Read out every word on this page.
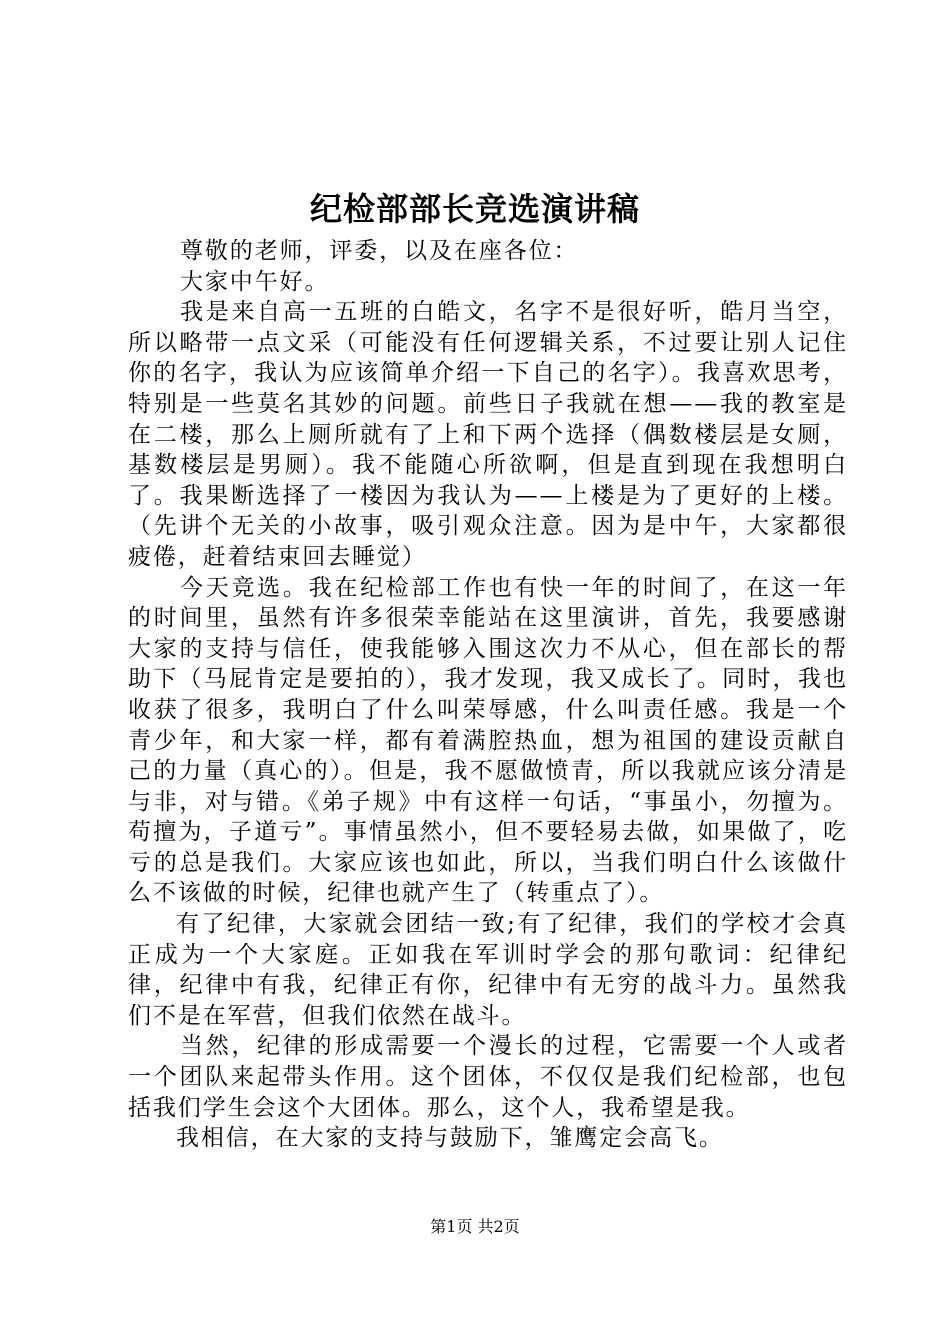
纪检部部长竞选演讲稿

尊敬的老师，评委，以及在座各位：

大家中午好。

我是来自高一五班的白皓文，名字不是很好听，皓月当空，所以略带一点文采（可能没有任何逻辑关系，不过要让别人记住你的名字，我认为应该简单介绍一下自己的名字）。我喜欢思考，特别是一些莫名其妙的问题。前些日子我就在想——我的教室是在二楼，那么上厕所就有了上和下两个选择（偶数楼层是女厕，基数楼层是男厕）。我不能随心所欲啊，但是直到现在我想明白了。我果断选择了一楼因为我认为——上楼是为了更好的上楼。（先讲个无关的小故事，吸引观众注意。因为是中午，大家都很疲倦，赶着结束回去睡觉）

今天竞选。我在纪检部工作也有快一年的时间了，在这一年的时间里，虽然有许多很荣幸能站在这里演讲，首先，我要感谢大家的支持与信任，使我能够入围这次力不从心，但在部长的帮助下（马屁肯定是要拍的），我才发现，我又成长了。同时，我也收获了很多，我明白了什么叫荣辱感，什么叫责任感。我是一个青少年，和大家一样，都有着满腔热血，想为祖国的建设贡献自己的力量（真心的）。但是，我不愿做愤青，所以我就应该分清是与非，对与错。《弟子规》中有这样一句话，“事虽小，勿擅为。苟擅为，子道亏”。事情虽然小，但不要轻易去做，如果做了，吃亏的总是我们。大家应该也如此，所以，当我们明白什么该做什么不该做的时候，纪律也就产生了（转重点了）。

有了纪律，大家就会团结一致;有了纪律，我们的学校才会真正成为一个大家庭。正如我在军训时学会的那句歌词：纪律纪律，纪律中有我，纪律正有你，纪律中有无穷的战斗力。虽然我们不是在军营，但我们依然在战斗。

当然，纪律的形成需要一个漫长的过程，它需要一个人或者一个团队来起带头作用。这个团体，不仅仅是我们纪检部，也包括我们学生会这个大团体。那么，这个人，我希望是我。

我相信，在大家的支持与鼓励下，雏鹰定会高飞。

第1页 共2页
